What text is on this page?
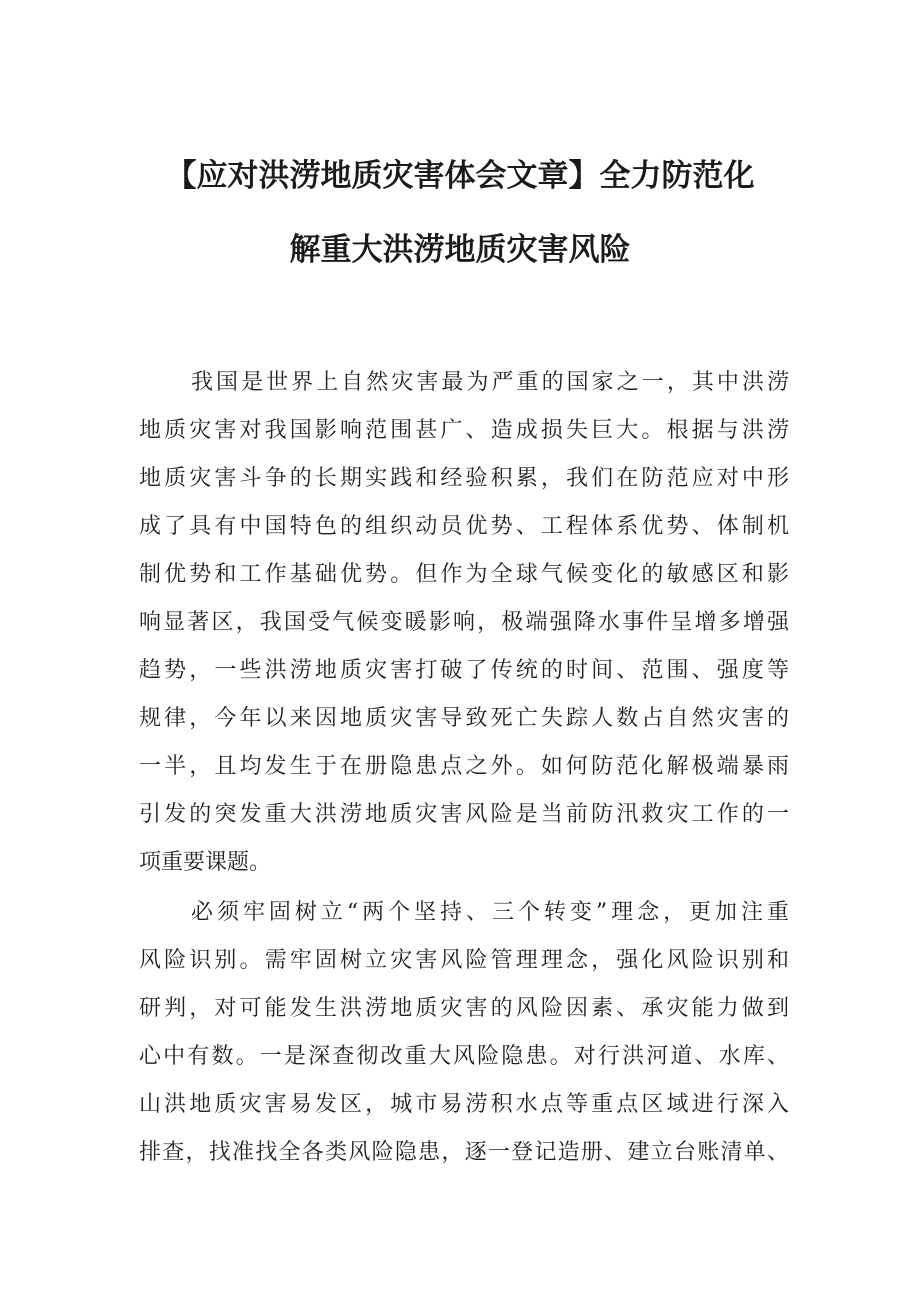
【应对洪涝地质灾害体会文章】全力防范化
解重大洪涝地质灾害风险
我国是世界上自然灾害最为严重的国家之一，其中洪涝
地质灾害对我国影响范围甚广、造成损失巨大。根据与洪涝
地质灾害斗争的长期实践和经验积累，我们在防范应对中形
成了具有中国特色的组织动员优势、工程体系优势、体制机
制优势和工作基础优势。但作为全球气候变化的敏感区和影
响显著区，我国受气候变暖影响，极端强降水事件呈增多增强
趋势，一些洪涝地质灾害打破了传统的时间、范围、强度等
规律，今年以来因地质灾害导致死亡失踪人数占自然灾害的
一半，且均发生于在册隐患点之外。如何防范化解极端暴雨
引发的突发重大洪涝地质灾害风险是当前防汛救灾工作的一
项重要课题。
必须牢固树立“两个坚持、三个转变”理念，更加注重
风险识别。需牢固树立灾害风险管理理念，强化风险识别和
研判，对可能发生洪涝地质灾害的风险因素、承灾能力做到
心中有数。一是深查彻改重大风险隐患。对行洪河道、水库、
山洪地质灾害易发区，城市易涝积水点等重点区域进行深入
排查，找准找全各类风险隐患，逐一登记造册、建立台账清单、
